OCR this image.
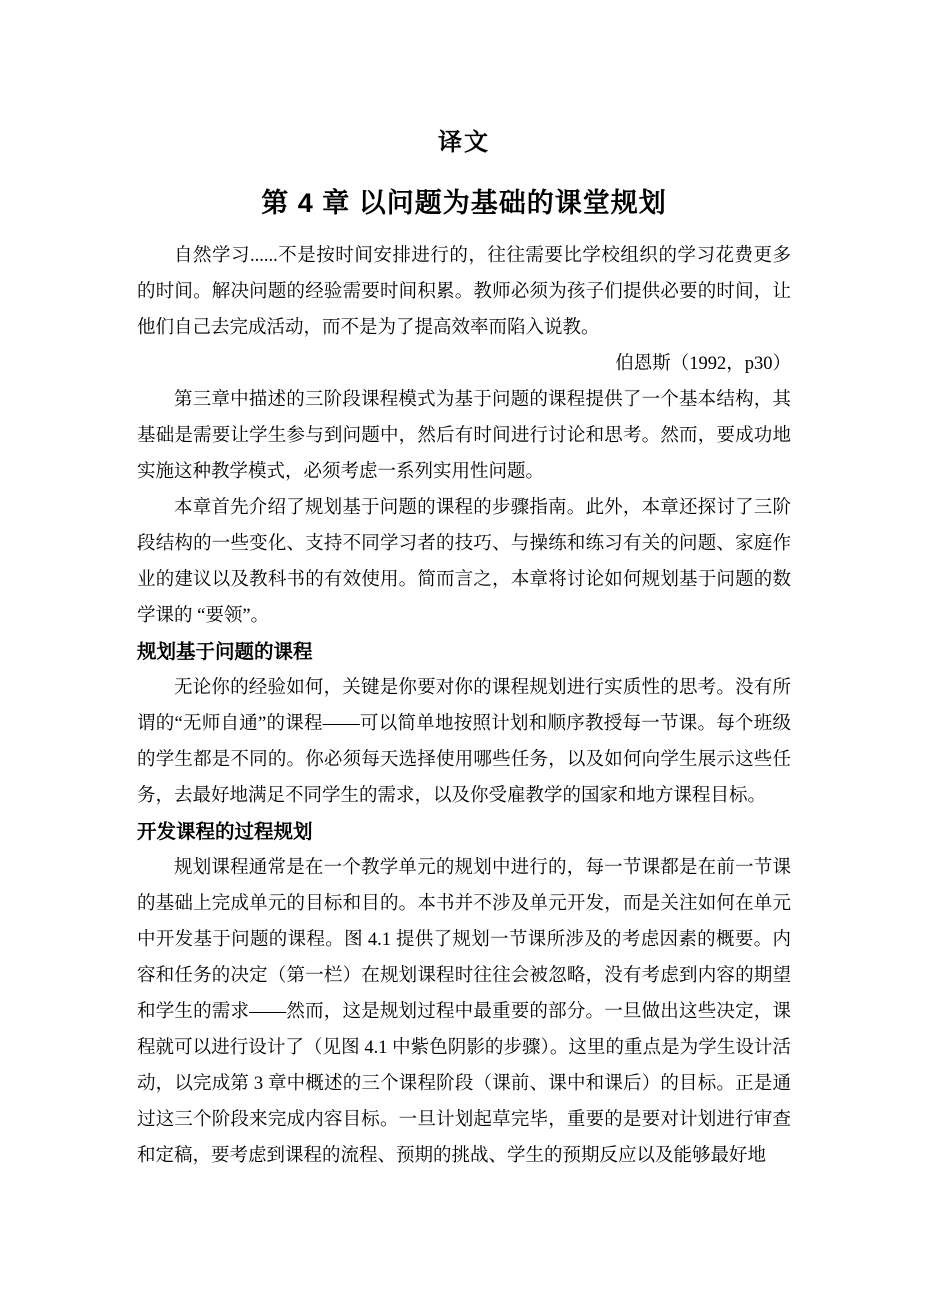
译文
第 4 章 以问题为基础的课堂规划

自然学习......不是按时间安排进行的，往往需要比学校组织的学习花费更多的时间。解决问题的经验需要时间积累。教师必须为孩子们提供必要的时间，让他们自己去完成活动，而不是为了提高效率而陷入说教。

伯恩斯（1992，p30）

第三章中描述的三阶段课程模式为基于问题的课程提供了一个基本结构，其基础是需要让学生参与到问题中，然后有时间进行讨论和思考。然而，要成功地实施这种教学模式，必须考虑一系列实用性问题。

本章首先介绍了规划基于问题的课程的步骤指南。此外，本章还探讨了三阶段结构的一些变化、支持不同学习者的技巧、与操练和练习有关的问题、家庭作业的建议以及教科书的有效使用。简而言之，本章将讨论如何规划基于问题的数学课的 “要领”。

规划基于问题的课程

无论你的经验如何，关键是你要对你的课程规划进行实质性的思考。没有所谓的“无师自通”的课程——可以简单地按照计划和顺序教授每一节课。每个班级的学生都是不同的。你必须每天选择使用哪些任务，以及如何向学生展示这些任务，去最好地满足不同学生的需求，以及你受雇教学的国家和地方课程目标。

开发课程的过程规划

规划课程通常是在一个教学单元的规划中进行的，每一节课都是在前一节课的基础上完成单元的目标和目的。本书并不涉及单元开发，而是关注如何在单元中开发基于问题的课程。图 4.1 提供了规划一节课所涉及的考虑因素的概要。内容和任务的决定（第一栏）在规划课程时往往会被忽略，没有考虑到内容的期望和学生的需求——然而，这是规划过程中最重要的部分。一旦做出这些决定，课程就可以进行设计了（见图 4.1 中紫色阴影的步骤）。这里的重点是为学生设计活动，以完成第 3 章中概述的三个课程阶段（课前、课中和课后）的目标。正是通过这三个阶段来完成内容目标。一旦计划起草完毕，重要的是要对计划进行审查和定稿，要考虑到课程的流程、预期的挑战、学生的预期反应以及能够最好地
